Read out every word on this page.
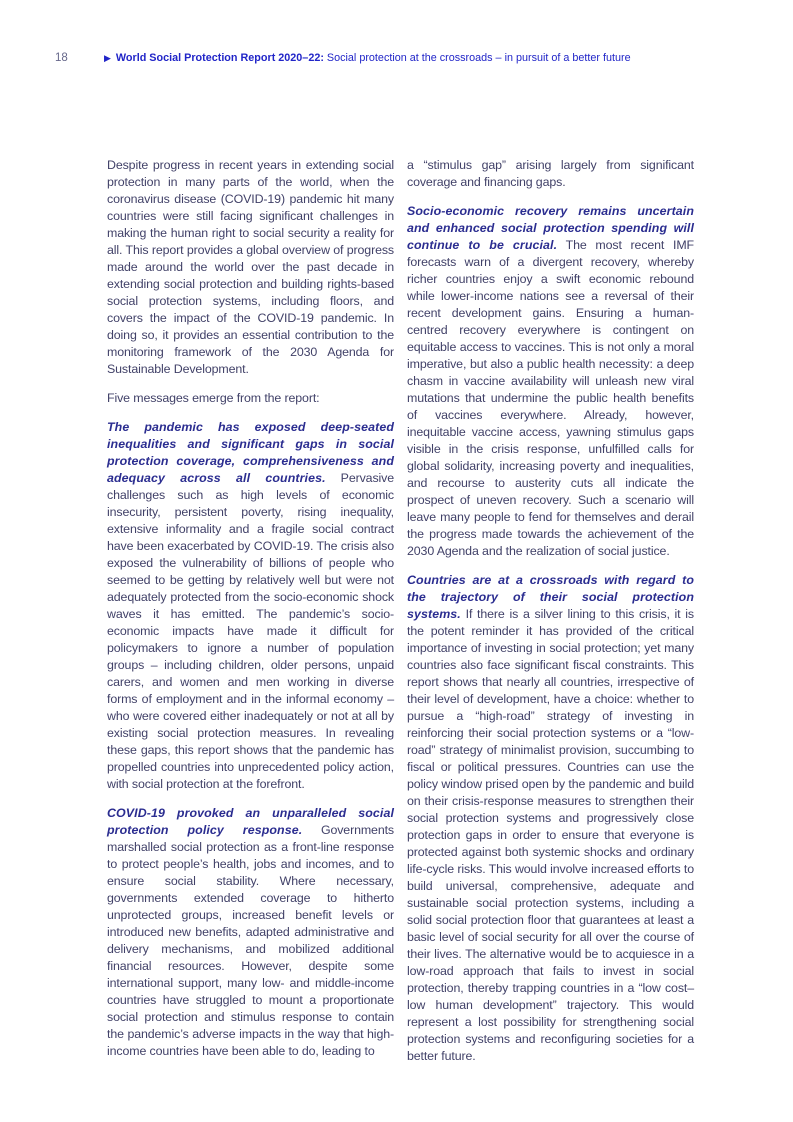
18	▶ World Social Protection Report 2020–22: Social protection at the crossroads – in pursuit of a better future

Despite progress in recent years in extending social protection in many parts of the world, when the coronavirus disease (COVID-19) pandemic hit many countries were still facing significant challenges in making the human right to social security a reality for all. This report provides a global overview of progress made around the world over the past decade in extending social protection and building rights-based social protection systems, including floors, and covers the impact of the COVID-19 pandemic. In doing so, it provides an essential contribution to the monitoring framework of the 2030 Agenda for Sustainable Development.

Five messages emerge from the report:

The pandemic has exposed deep-seated inequalities and significant gaps in social protection coverage, comprehensiveness and adequacy across all countries. Pervasive challenges such as high levels of economic insecurity, persistent poverty, rising inequality, extensive informality and a fragile social contract have been exacerbated by COVID-19. The crisis also exposed the vulnerability of billions of people who seemed to be getting by relatively well but were not adequately protected from the socio-economic shock waves it has emitted. The pandemic’s socio-economic impacts have made it difficult for policymakers to ignore a number of population groups – including children, older persons, unpaid carers, and women and men working in diverse forms of employment and in the informal economy – who were covered either inadequately or not at all by existing social protection measures. In revealing these gaps, this report shows that the pandemic has propelled countries into unprecedented policy action, with social protection at the forefront.

COVID-19 provoked an unparalleled social protection policy response. Governments marshalled social protection as a front-line response to protect people’s health, jobs and incomes, and to ensure social stability. Where necessary, governments extended coverage to hitherto unprotected groups, increased benefit levels or introduced new benefits, adapted administrative and delivery mechanisms, and mobilized additional financial resources. However, despite some international support, many low- and middle-income countries have struggled to mount a proportionate social protection and stimulus response to contain the pandemic’s adverse impacts in the way that high-income countries have been able to do, leading to

a “stimulus gap” arising largely from significant coverage and financing gaps.

Socio-economic recovery remains uncertain and enhanced social protection spending will continue to be crucial. The most recent IMF forecasts warn of a divergent recovery, whereby richer countries enjoy a swift economic rebound while lower-income nations see a reversal of their recent development gains. Ensuring a human-centred recovery everywhere is contingent on equitable access to vaccines. This is not only a moral imperative, but also a public health necessity: a deep chasm in vaccine availability will unleash new viral mutations that undermine the public health benefits of vaccines everywhere. Already, however, inequitable vaccine access, yawning stimulus gaps visible in the crisis response, unfulfilled calls for global solidarity, increasing poverty and inequalities, and recourse to austerity cuts all indicate the prospect of uneven recovery. Such a scenario will leave many people to fend for themselves and derail the progress made towards the achievement of the 2030 Agenda and the realization of social justice.

Countries are at a crossroads with regard to the trajectory of their social protection systems. If there is a silver lining to this crisis, it is the potent reminder it has provided of the critical importance of investing in social protection; yet many countries also face significant fiscal constraints. This report shows that nearly all countries, irrespective of their level of development, have a choice: whether to pursue a “high-road” strategy of investing in reinforcing their social protection systems or a “low-road” strategy of minimalist provision, succumbing to fiscal or political pressures. Countries can use the policy window prised open by the pandemic and build on their crisis-response measures to strengthen their social protection systems and progressively close protection gaps in order to ensure that everyone is protected against both systemic shocks and ordinary life-cycle risks. This would involve increased efforts to build universal, comprehensive, adequate and sustainable social protection systems, including a solid social protection floor that guarantees at least a basic level of social security for all over the course of their lives. The alternative would be to acquiesce in a low-road approach that fails to invest in social protection, thereby trapping countries in a “low cost–low human development” trajectory. This would represent a lost possibility for strengthening social protection systems and reconfiguring societies for a better future.
